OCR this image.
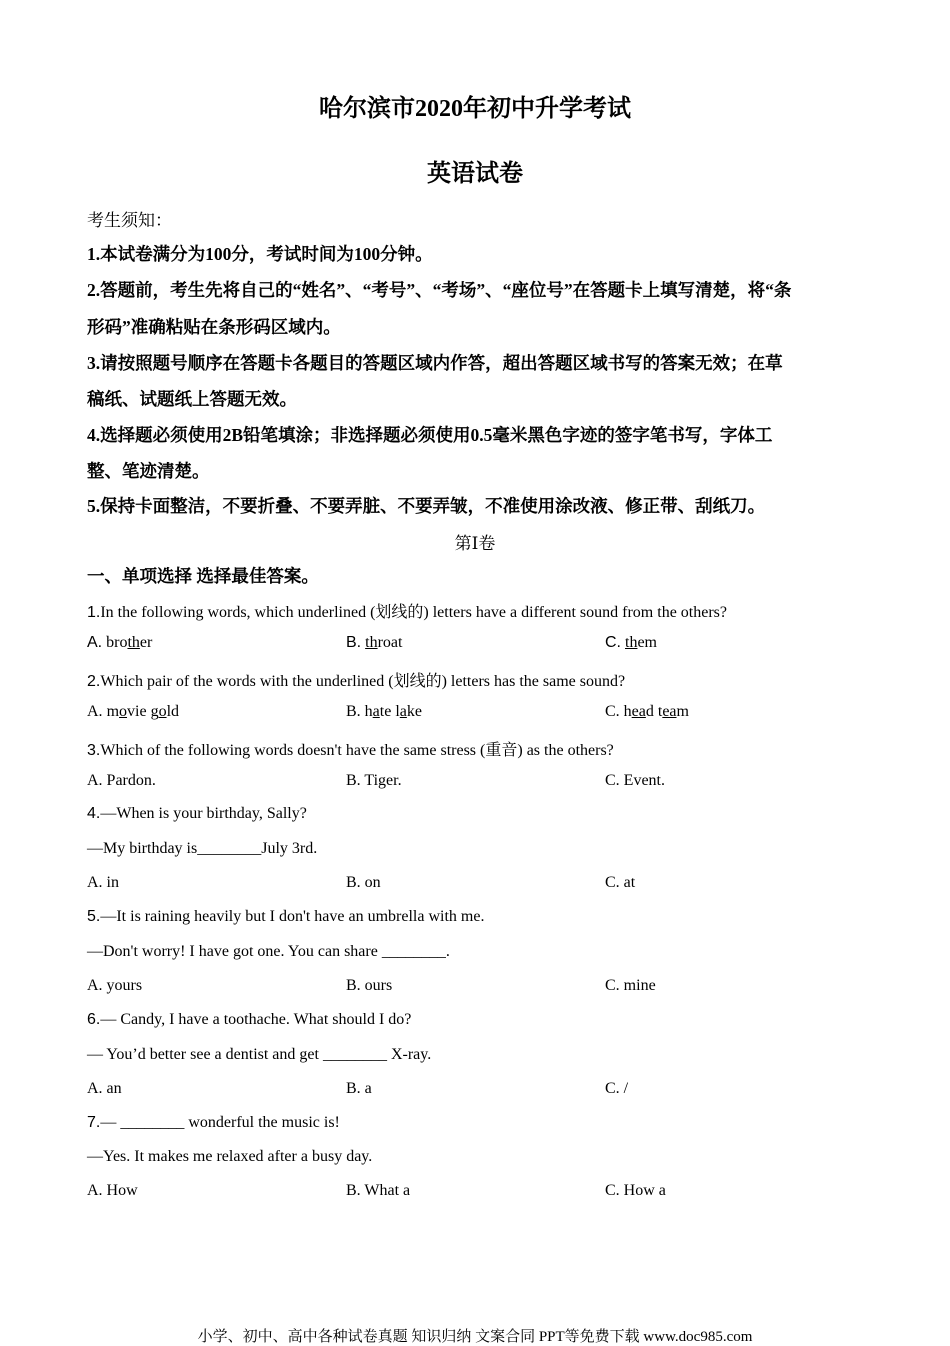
哈尔滨市2020年初中升学考试
英语试卷
考生须知：
1.本试卷满分为100分，考试时间为100分钟。
2.答题前，考生先将自己的“姓名”、“考号”、“考场”、“座位号”在答题卡上填写清楚，将“条
形码”准确粘贴在条形码区域内。
3.请按照题号顺序在答题卡各题目的答题区域内作答，超出答题区域书写的答案无效；在草
稿纸、试题纸上答题无效。
4.选择题必须使用2B铅笔填涂；非选择题必须使用0.5毫米黑色字迹的签字笔书写，字体工
整、笔迹清楚。
5.保持卡面整洁，不要折叠、不要弄脏、不要弄皱，不准使用涂改液、修正带、刮纸刀。
第Ⅰ卷
一、单项选择 选择最佳答案。
1.In the following words, which underlined (划线的) letters have a different sound from the others?
A. brother	B. throat	C. them
2.Which pair of the words with the underlined (划线的) letters has the same sound?
A. movie gold	B. hate lake	C. head team
3.Which of the following words doesn't have the same stress (重音) as the others?
A. Pardon.	B. Tiger.	C. Event.
4.—When is your birthday, Sally?
—My birthday is________July 3rd.
A. in	B. on	C. at
5.—It is raining heavily but I don't have an umbrella with me.
—Don't worry! I have got one. You can share ________.
A. yours	B. ours	C. mine
6.— Candy, I have a toothache. What should I do?
— You’d better see a dentist and get ________ X-ray.
A. an	B. a	C. /
7.— ________ wonderful the music is!
—Yes. It makes me relaxed after a busy day.
A. How	B. What a	C. How a
小学、初中、高中各种试卷真题 知识归纳 文案合同 PPT等免费下载 www.doc985.com
